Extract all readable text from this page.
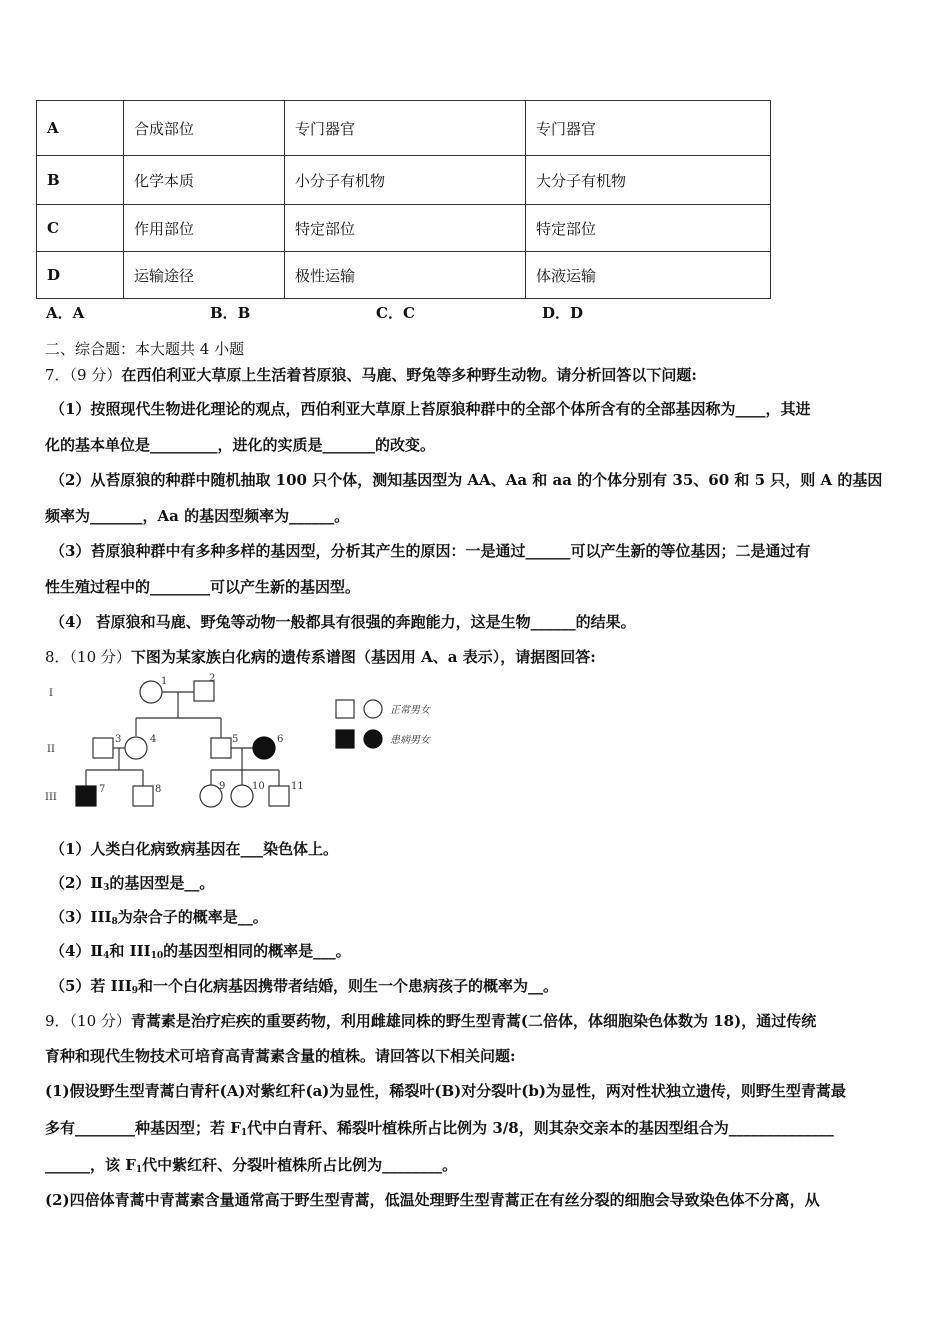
A	合成部位	专门器官	专门器官
B	化学本质	小分子有机物	大分子有机物
C	作用部位	特定部位	特定部位
D	运输途径	极性运输	体液运输
A．A	B．B	C．C	D．D
二、综合题：本大题共 4 小题
7．（9 分）在西伯利亚大草原上生活着苔原狼、马鹿、野兔等多种野生动物。请分析回答以下问题:
（1）按照现代生物进化理论的观点，西伯利亚大草原上苔原狼种群中的全部个体所含有的全部基因称为____，其进
化的基本单位是_________，进化的实质是_______的改变。
（2）从苔原狼的种群中随机抽取 100 只个体，测知基因型为 AA、Aa 和 aa 的个体分别有 35、60 和 5 只，则 A 的基因
频率为_______，Aa 的基因型频率为______。
（3）苔原狼种群中有多种多样的基因型，分析其产生的原因：一是通过______可以产生新的等位基因；二是通过有
性生殖过程中的________可以产生新的基因型。
（4） 苔原狼和马鹿、野兔等动物一般都具有很强的奔跑能力，这是生物______的结果。
8．（10 分）下图为某家族白化病的遗传系谱图（基因用 A、a 表示），请据图回答:
I
II
III
1	2
3	4	5	6
7	8	9	10	11
正常男女
患病男女
（1）人类白化病致病基因在___染色体上。
$(2)Ⅱ_3$的基因型是__。
$(3)III_8$为杂合子的概率是__。
$(4)Ⅱ_4$和 $III_{10}$的基因型相同的概率是___。
（5）若 $III_9$和一个白化病基因携带者结婚，则生一个患病孩子的概率为__。
9．（10 分）青蒿素是治疗疟疾的重要药物，利用雌雄同株的野生型青蒿(二倍体，体细胞染色体数为 18)，通过传统
育种和现代生物技术可培育高青蒿素含量的植株。请回答以下相关问题:
(1)假设野生型青蒿白青秆(A)对紫红秆(a)为显性，稀裂叶(B)对分裂叶(b)为显性，两对性状独立遗传，则野生型青蒿最
多有________种基因型；若 $F_1$代中白青秆、稀裂叶植株所占比例为 3/8，则其杂交亲本的基因型组合为______________
______，该 $F_1$代中紫红秆、分裂叶植株所占比例为________。
(2)四倍体青蒿中青蒿素含量通常高于野生型青蒿，低温处理野生型青蒿正在有丝分裂的细胞会导致染色体不分离，从
